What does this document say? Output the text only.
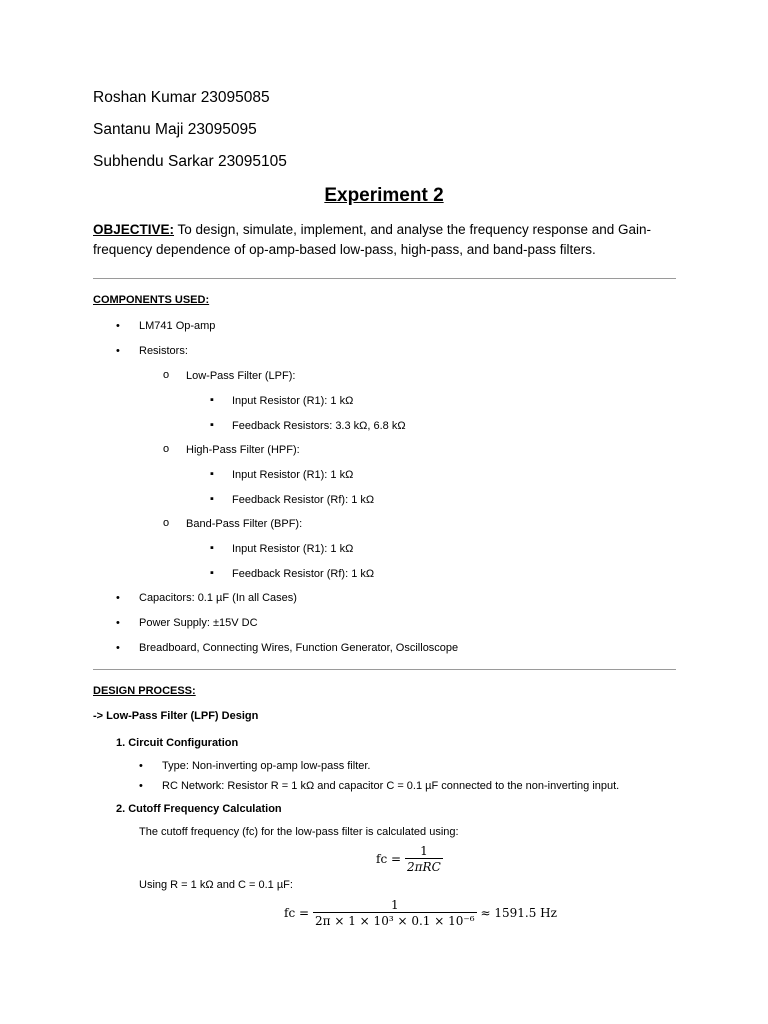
Roshan Kumar 23095085
Santanu Maji 23095095
Subhendu Sarkar 23095105
Experiment 2
OBJECTIVE: To design, simulate, implement, and analyse the frequency response and Gain-frequency dependence of op-amp-based low-pass, high-pass, and band-pass filters.
COMPONENTS USED:
• LM741 Op-amp
• Resistors:
o Low-Pass Filter (LPF):
▪ Input Resistor (R1): 1 kΩ
▪ Feedback Resistors: 3.3 kΩ, 6.8 kΩ
o High-Pass Filter (HPF):
▪ Input Resistor (R1): 1 kΩ
▪ Feedback Resistor (Rf): 1 kΩ
o Band-Pass Filter (BPF):
▪ Input Resistor (R1): 1 kΩ
▪ Feedback Resistor (Rf): 1 kΩ
• Capacitors: 0.1 µF (In all Cases)
• Power Supply: ±15V DC
• Breadboard, Connecting Wires, Function Generator, Oscilloscope
DESIGN PROCESS:
-> Low-Pass Filter (LPF) Design
1. Circuit Configuration
• Type: Non-inverting op-amp low-pass filter.
• RC Network: Resistor R = 1 kΩ and capacitor C = 0.1 µF connected to the non-inverting input.
2. Cutoff Frequency Calculation
The cutoff frequency (fc) for the low-pass filter is calculated using:
fc = $\frac{1}{\text{2πRC}}$
Using R = 1 kΩ and C = 0.1 µF:
fc = $\frac{1}{\text{2π × 1 × 10³ × 0.1 × 10⁻⁶}} \approx 1591.5$ Hz
